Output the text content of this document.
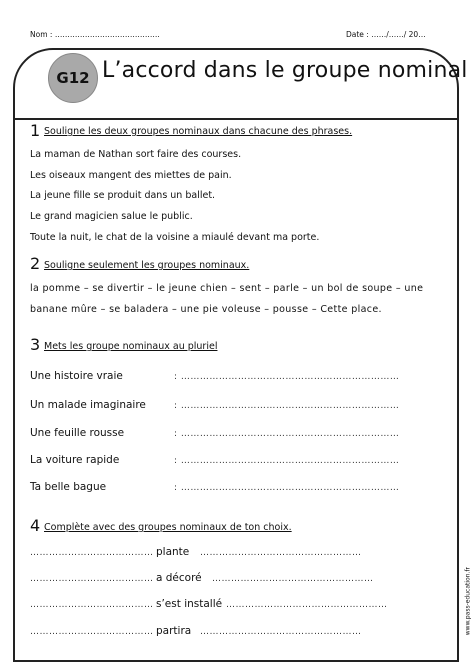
Nom : ……………………………………	Date : ……/……/ 20…
G12 L’accord dans le groupe nominal
1 Souligne les deux groupes nominaux dans chacune des phrases.
La maman de Nathan sort faire des courses.
Les oiseaux mangent des miettes de pain.
La jeune fille se produit dans un ballet.
Le grand magicien salue le public.
Toute la nuit, le chat de la voisine a miaulé devant ma porte.
2 Souligne seulement les groupes nominaux.
la pomme – se divertir – le jeune chien – sent – parle – un bol de soupe – une
banane mûre – se baladera – une pie voleuse – pousse – Cette place.
3 Mets les groupe nominaux au pluriel
Une histoire vraie	: ……………………………………………………………
Un malade imaginaire	: ……………………………………………………………
Une feuille rousse	: ……………………………………………………………
La voiture rapide	: ……………………………………………………………
Ta belle bague	: ……………………………………………………………
4 Complète avec des groupes nominaux de ton choix.
………………………………… plante ……………………………………………
………………………………… a décoré ……………………………………………
………………………………… s’est installé ……………………………………………
………………………………… partira ……………………………………………	www.pass-education.fr
